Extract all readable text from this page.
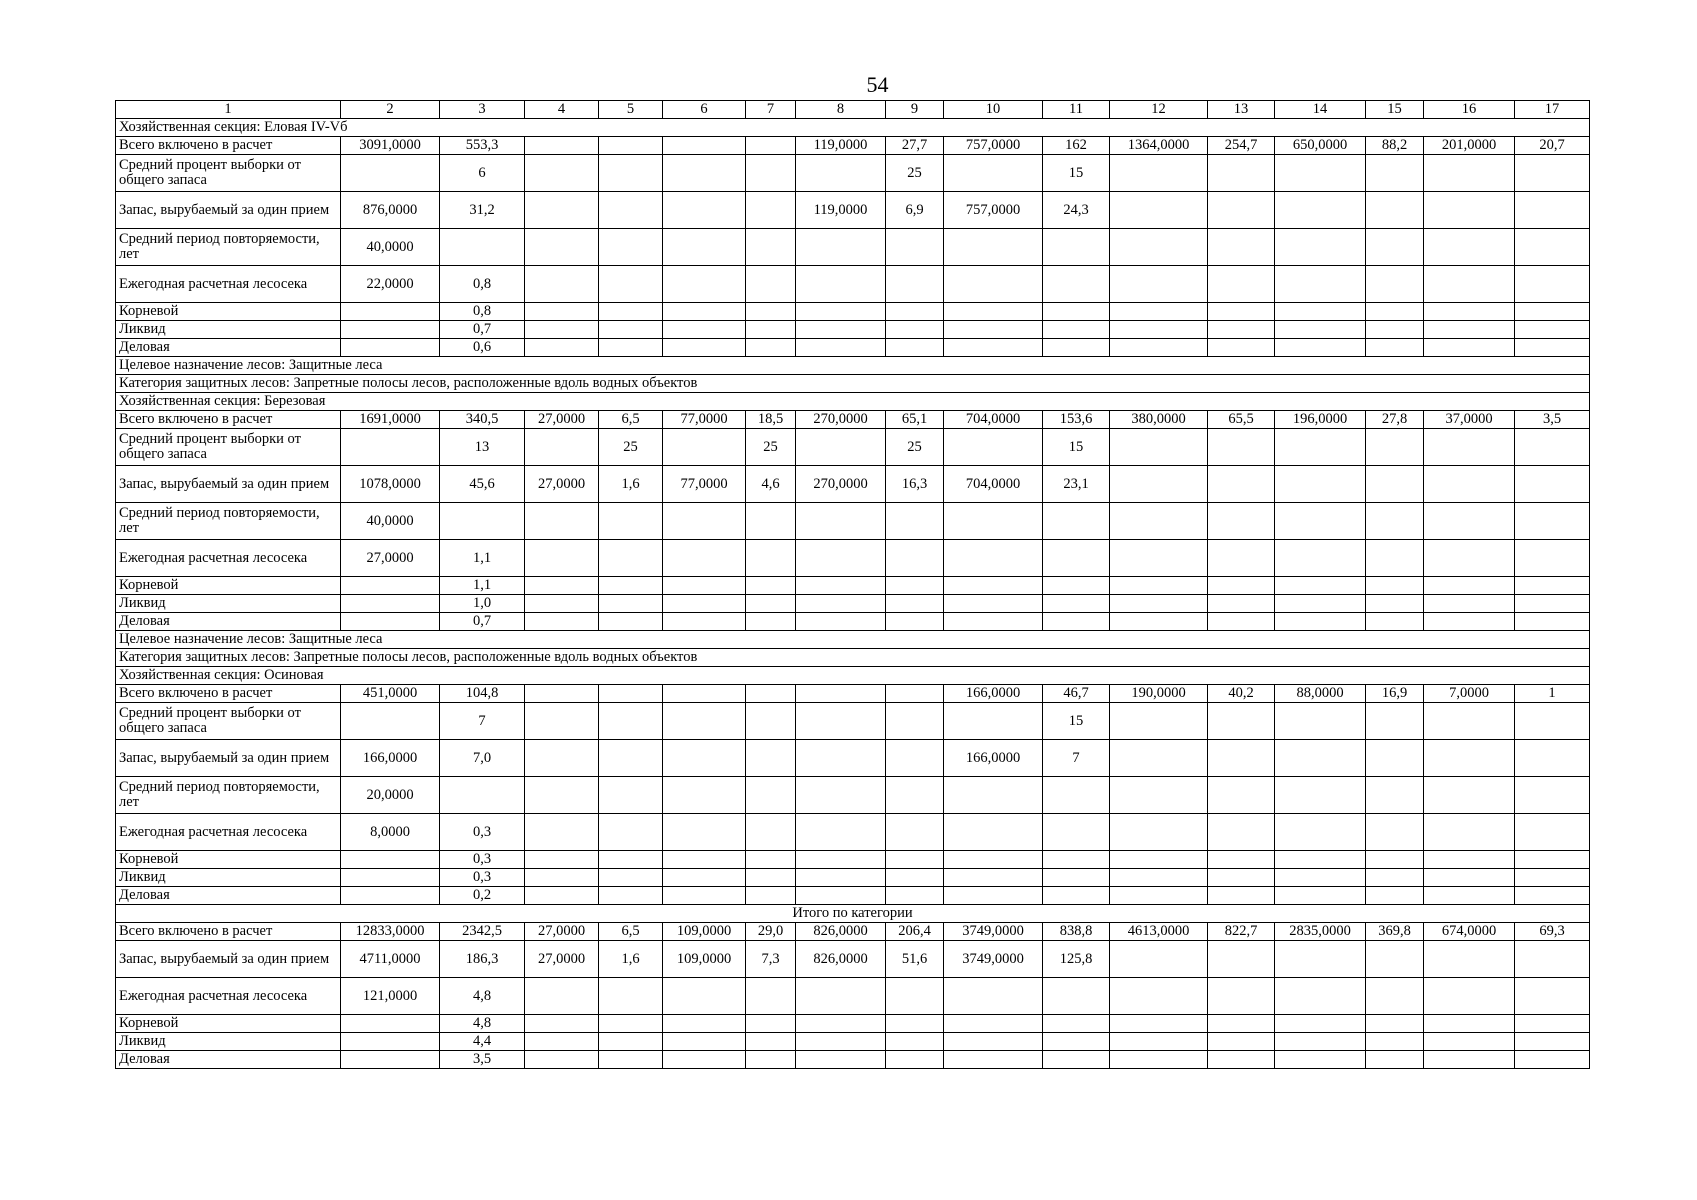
54
1	2	3	4	5	6	7	8	9	10	11	12	13	14	15	16	17
Хозяйственная секция: Еловая IV-Vб																
Всего включено в расчет	3091,0000	553,3					119,0000	27,7	757,0000	162	1364,0000	254,7	650,0000	88,2	201,0000	20,7
Средний процент выборки от общего запаса		6						25		15						
Запас, вырубаемый за один прием	876,0000	31,2					119,0000	6,9	757,0000	24,3						
Средний период повторяемости, лет	40,0000															
Ежегодная расчетная лесосека	22,0000	0,8														
Корневой		0,8														
Ликвид		0,7														
Деловая		0,6														
Целевое назначение лесов: Защитные леса																
Категория защитных лесов: Запретные полосы лесов, расположенные вдоль водных объектов																
Хозяйственная секция: Березовая																
Всего включено в расчет	1691,0000	340,5	27,0000	6,5	77,0000	18,5	270,0000	65,1	704,0000	153,6	380,0000	65,5	196,0000	27,8	37,0000	3,5
Средний процент выборки от общего запаса		13		25		25		25		15						
Запас, вырубаемый за один прием	1078,0000	45,6	27,0000	1,6	77,0000	4,6	270,0000	16,3	704,0000	23,1						
Средний период повторяемости, лет	40,0000															
Ежегодная расчетная лесосека	27,0000	1,1														
Корневой		1,1														
Ликвид		1,0														
Деловая		0,7														
Целевое назначение лесов: Защитные леса																
Категория защитных лесов: Запретные полосы лесов, расположенные вдоль водных объектов																
Хозяйственная секция: Осиновая																
Всего включено в расчет	451,0000	104,8							166,0000	46,7	190,0000	40,2	88,0000	16,9	7,0000	1
Средний процент выборки от общего запаса		7								15						
Запас, вырубаемый за один прием	166,0000	7,0							166,0000	7						
Средний период повторяемости, лет	20,0000															
Ежегодная расчетная лесосека	8,0000	0,3														
Корневой		0,3														
Ликвид		0,3														
Деловая		0,2														
Итого по категории																
Всего включено в расчет	12833,0000	2342,5	27,0000	6,5	109,0000	29,0	826,0000	206,4	3749,0000	838,8	4613,0000	822,7	2835,0000	369,8	674,0000	69,3
Запас, вырубаемый за один прием	4711,0000	186,3	27,0000	1,6	109,0000	7,3	826,0000	51,6	3749,0000	125,8						
Ежегодная расчетная лесосека	121,0000	4,8														
Корневой		4,8														
Ликвид		4,4														
Деловая		3,5														
